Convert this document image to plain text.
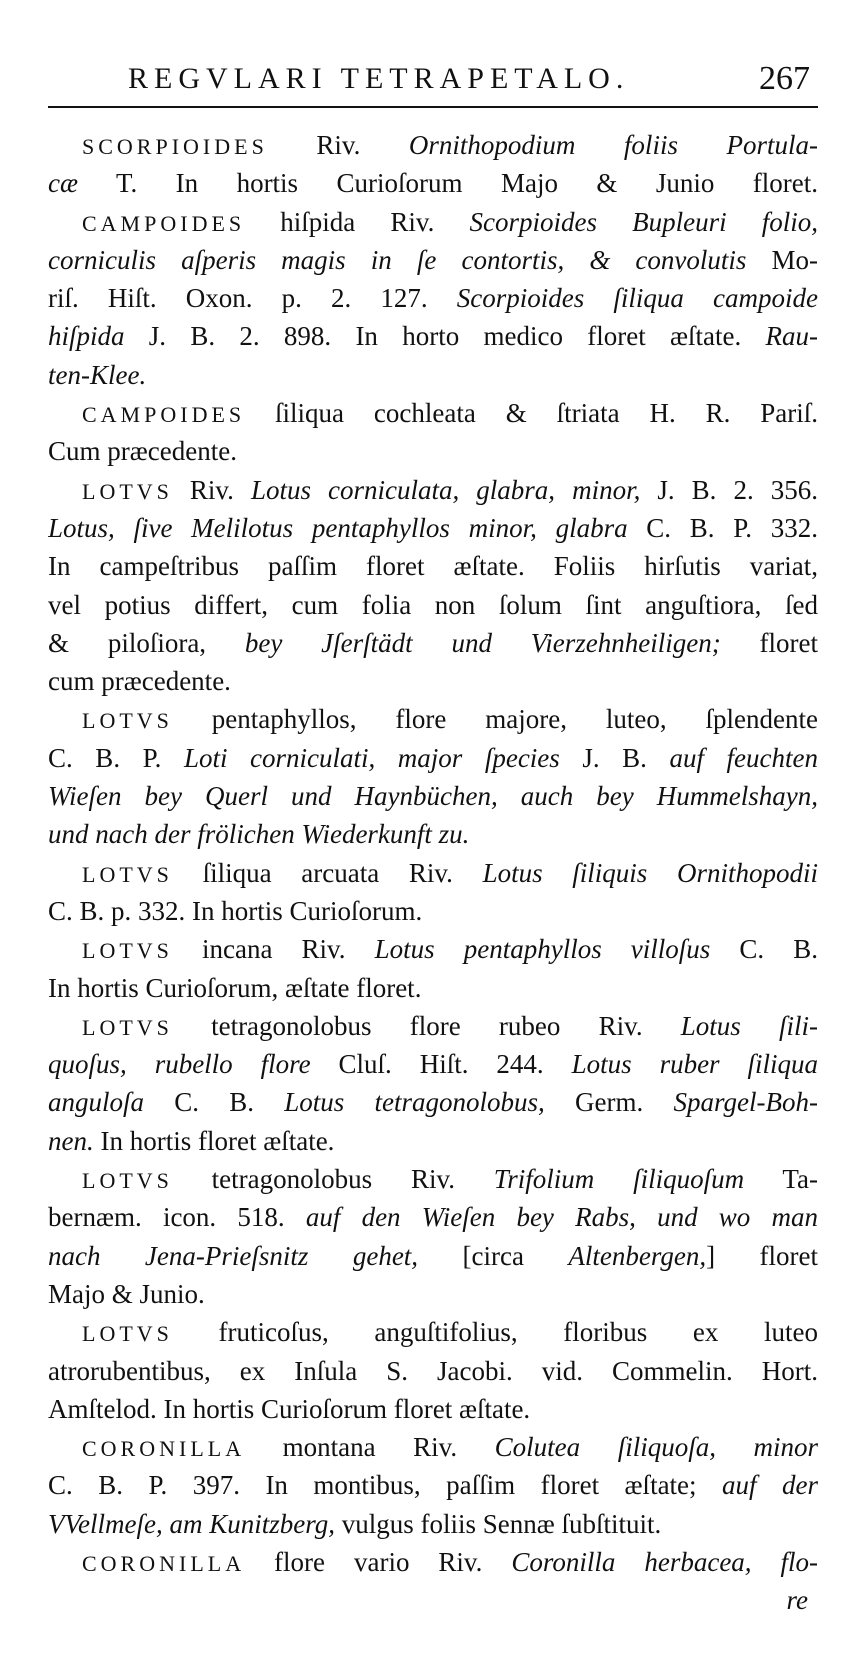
REGVLARI TETRAPETALO.	267
SCORPIOIDES Riv. Ornithopodium foliis Portula-
cæ T. In hortis Curioſorum Majo & Junio floret.
CAMPOIDES hiſpida Riv. Scorpioides Bupleuri folio,
corniculis aſperis magis in ſe contortis, & convolutis Mo-
riſ. Hiſt. Oxon. p. 2. 127. Scorpioides ſiliqua campoide
hiſpida J. B. 2. 898. In horto medico floret æſtate. Rau-
ten-Klee.
CAMPOIDES ſiliqua cochleata & ſtriata H. R. Pariſ.
Cum præcedente.
LOTVS Riv. Lotus corniculata, glabra, minor, J. B. 2. 356.
Lotus, ſive Melilotus pentaphyllos minor, glabra C. B. P. 332.
In campeſtribus paſſim floret æſtate. Foliis hirſutis variat,
vel potius differt, cum folia non ſolum ſint anguſtiora, ſed
& piloſiora, bey Jſerſtädt und Vierzehnheiligen; floret
cum præcedente.
LOTVS pentaphyllos, flore majore, luteo, ſplendente
C. B. P. Loti corniculati, major ſpecies J. B. auf feuchten
Wieſen bey Querl und Haynbüchen, auch bey Hummelshayn,
und nach der frölichen Wiederkunft zu.
LOTVS ſiliqua arcuata Riv. Lotus ſiliquis Ornithopodii
C. B. p. 332. In hortis Curioſorum.
LOTVS incana Riv. Lotus pentaphyllos villoſus C. B.
In hortis Curioſorum, æſtate floret.
LOTVS tetragonolobus flore rubeo Riv. Lotus ſili-
quoſus, rubello flore Cluſ. Hiſt. 244. Lotus ruber ſiliqua
anguloſa C. B. Lotus tetragonolobus, Germ. Spargel-Boh-
nen. In hortis floret æſtate.
LOTVS tetragonolobus Riv. Trifolium ſiliquoſum Ta-
bernæm. icon. 518. auf den Wieſen bey Rabs, und wo man
nach Jena-Prieſsnitz gehet, [circa Altenbergen,] floret
Majo & Junio.
LOTVS fruticoſus, anguſtifolius, floribus ex luteo
atrorubentibus, ex Inſula S. Jacobi. vid. Commelin. Hort.
Amſtelod. In hortis Curioſorum floret æſtate.
CORONILLA montana Riv. Colutea ſiliquoſa, minor
C. B. P. 397. In montibus, paſſim floret æſtate; auf der
VVellmeſe, am Kunitzberg, vulgus foliis Sennæ ſubſtituit.
CORONILLA flore vario Riv. Coronilla herbacea, flo-
re
